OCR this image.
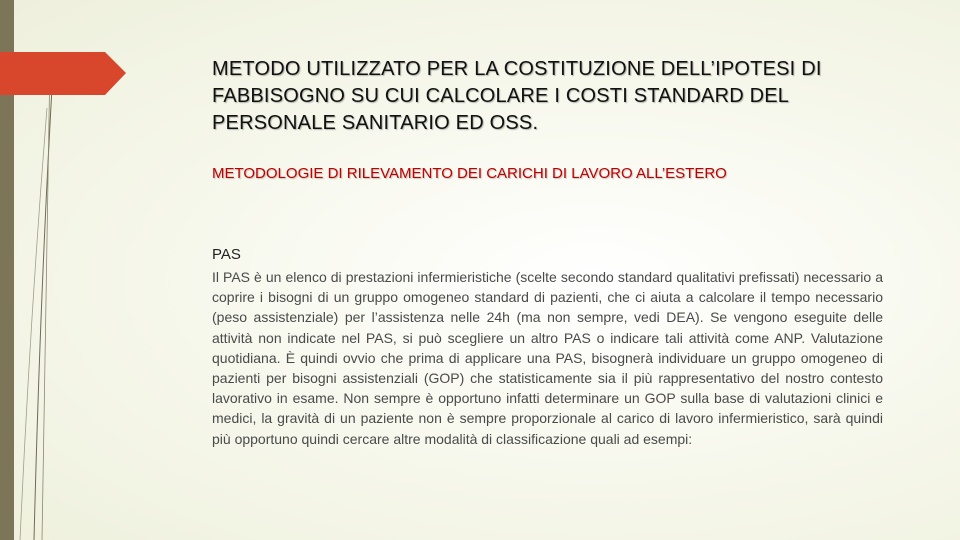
METODO UTILIZZATO PER LA COSTITUZIONE DELL’IPOTESI DI FABBISOGNO SU CUI CALCOLARE I COSTI STANDARD DEL PERSONALE SANITARIO ED OSS.

METODOLOGIE DI RILEVAMENTO DEI CARICHI DI LAVORO ALL’ESTERO

PAS

Il PAS è un elenco di prestazioni infermieristiche (scelte secondo standard qualitativi prefissati) necessario a coprire i bisogni di un gruppo omogeneo standard di pazienti, che ci aiuta a calcolare il tempo necessario (peso assistenziale) per l’assistenza nelle 24h (ma non sempre, vedi DEA). Se vengono eseguite delle attività non indicate nel PAS, si può scegliere un altro PAS o indicare tali attività come ANP. Valutazione quotidiana. È quindi ovvio che prima di applicare una PAS, bisognerà individuare un gruppo omogeneo di pazienti per bisogni assistenziali (GOP) che statisticamente sia il più rappresentativo del nostro contesto lavorativo in esame. Non sempre è opportuno infatti determinare un GOP sulla base di valutazioni clinici e medici, la gravità di un paziente non è sempre proporzionale al carico di lavoro infermieristico, sarà quindi più opportuno quindi cercare altre modalità di classificazione quali ad esempi:
